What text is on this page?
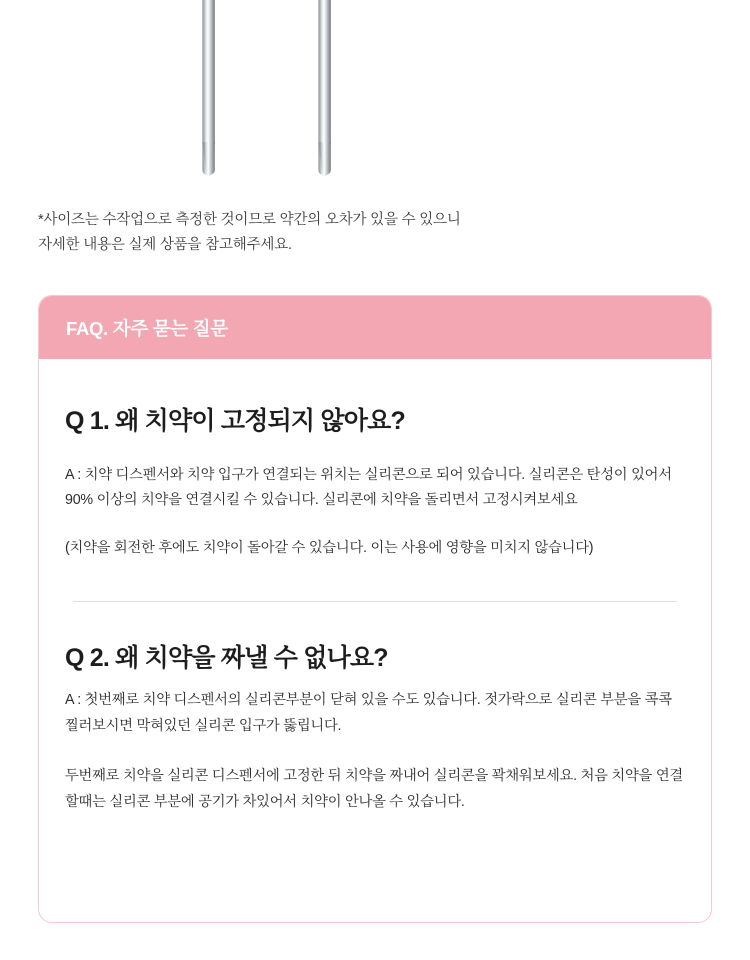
*사이즈는 수작업으로 측정한 것이므로 약간의 오차가 있을 수 있으니
자세한 내용은 실제 상품을 참고해주세요.
FAQ. 자주 묻는 질문
Q 1. 왜 치약이 고정되지 않아요?

A : 치약 디스펜서와 치약 입구가 연결되는 위치는 실리콘으로 되어 있습니다. 실리콘은 탄성이 있어서 90% 이상의 치약을 연결시킬 수 있습니다. 실리콘에 치약을 돌리면서 고정시켜보세요

(치약을 회전한 후에도 치약이 돌아갈 수 있습니다. 이는 사용에 영향을 미치지 않습니다)

Q 2. 왜 치약을 짜낼 수 없나요?

A : 첫번째로 치약 디스펜서의 실리콘부분이 닫혀 있을 수도 있습니다. 젓가락으로 실리콘 부분을 콕콕 찔러보시면 막혀있던 실리콘 입구가 뚫립니다.

두번째로 치약을 실리콘 디스펜서에 고정한 뒤 치약을 짜내어 실리콘을 꽉채워보세요. 처음 치약을 연결할때는 실리콘 부분에 공기가 차있어서 치약이 안나올 수 있습니다.
